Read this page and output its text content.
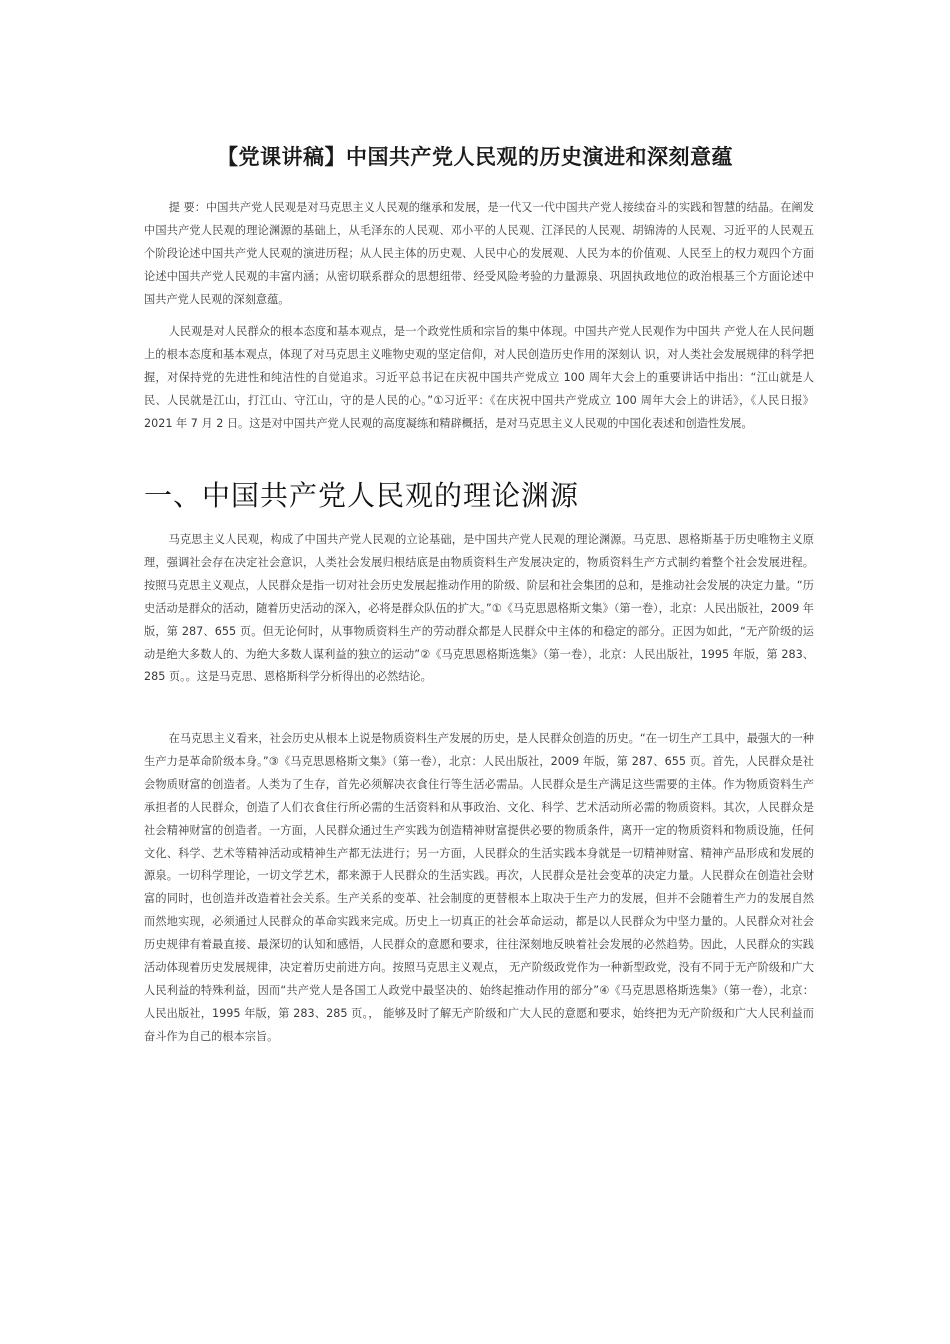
【党课讲稿】中国共产党人民观的历史演进和深刻意蕴

提 要：中国共产党人民观是对马克思主义人民观的继承和发展，是一代又一代中国共产党人接续奋斗的实践和智慧的结晶。在阐发中国共产党人民观的理论渊源的基础上，从毛泽东的人民观、邓小平的人民观、江泽民的人民观、胡锦涛的人民观、习近平的人民观五个阶段论述中国共产党人民观的演进历程；从人民主体的历史观、人民中心的发展观、人民为本的价值观、人民至上的权力观四个方面论述中国共产党人民观的丰富内涵；从密切联系群众的思想纽带、经受风险考验的力量源泉、巩固执政地位的政治根基三个方面论述中国共产党人民观的深刻意蕴。

人民观是对人民群众的根本态度和基本观点，是一个政党性质和宗旨的集中体现。中国共产党人民观作为中国共 产党人在人民问题上的根本态度和基本观点，体现了对马克思主义唯物史观的坚定信仰，对人民创造历史作用的深刻认 识，对人类社会发展规律的科学把握，对保持党的先进性和纯洁性的自觉追求。习近平总书记在庆祝中国共产党成立 100 周年大会上的重要讲话中指出：“江山就是人民、人民就是江山，打江山、守江山，守的是人民的心。”①习近平：《在庆祝中国共产党成立 100 周年大会上的讲话》，《人民日报》2021 年 7 月 2 日。这是对中国共产党人民观的高度凝练和精辟概括，是对马克思主义人民观的中国化表述和创造性发展。

一、中国共产党人民观的理论渊源

马克思主义人民观，构成了中国共产党人民观的立论基础，是中国共产党人民观的理论渊源。马克思、恩格斯基于历史唯物主义原理，强调社会存在决定社会意识，人类社会发展归根结底是由物质资料生产发展决定的，物质资料生产方式制约着整个社会发展进程。按照马克思主义观点，人民群众是指一切对社会历史发展起推动作用的阶级、阶层和社会集团的总和，是推动社会发展的决定力量。“历史活动是群众的活动，随着历史活动的深入，必将是群众队伍的扩大。”①《马克思恩格斯文集》（第一卷），北京：人民出版社，2009 年版，第 287、655 页。但无论何时，从事物质资料生产的劳动群众都是人民群众中主体的和稳定的部分。正因为如此，“无产阶级的运动是绝大多数人的、为绝大多数人谋利益的独立的运动”②《马克思恩格斯选集》（第一卷），北京：人民出版社，1995 年版，第 283、285 页。。这是马克思、恩格斯科学分析得出的必然结论。

在马克思主义看来，社会历史从根本上说是物质资料生产发展的历史，是人民群众创造的历史。“在一切生产工具中，最强大的一种生产力是革命阶级本身。”③《马克思恩格斯文集》（第一卷），北京：人民出版社，2009 年版，第 287、655 页。首先，人民群众是社会物质财富的创造者。人类为了生存，首先必须解决衣食住行等生活必需品。人民群众是生产满足这些需要的主体。作为物质资料生产承担者的人民群众，创造了人们衣食住行所必需的生活资料和从事政治、文化、科学、艺术活动所必需的物质资料。其次，人民群众是社会精神财富的创造者。一方面，人民群众通过生产实践为创造精神财富提供必要的物质条件，离开一定的物质资料和物质设施，任何文化、科学、艺术等精神活动或精神生产都无法进行；另一方面，人民群众的生活实践本身就是一切精神财富、精神产品形成和发展的源泉。一切科学理论，一切文学艺术，都来源于人民群众的生活实践。再次，人民群众是社会变革的决定力量。人民群众在创造社会财富的同时，也创造并改造着社会关系。生产关系的变革、社会制度的更替根本上取决于生产力的发展，但并不会随着生产力的发展自然而然地实现，必须通过人民群众的革命实践来完成。历史上一切真正的社会革命运动，都是以人民群众为中坚力量的。人民群众对社会历史规律有着最直接、最深切的认知和感悟，人民群众的意愿和要求，往往深刻地反映着社会发展的必然趋势。因此，人民群众的实践活动体现着历史发展规律，决定着历史前进方向。按照马克思主义观点， 无产阶级政党作为一种新型政党，没有不同于无产阶级和广大人民利益的特殊利益，因而“共产党人是各国工人政党中最坚决的、始终起推动作用的部分”④《马克思恩格斯选集》（第一卷），北京：人民出版社，1995 年版，第 283、285 页。， 能够及时了解无产阶级和广大人民的意愿和要求，始终把为无产阶级和广大人民利益而奋斗作为自己的根本宗旨。
